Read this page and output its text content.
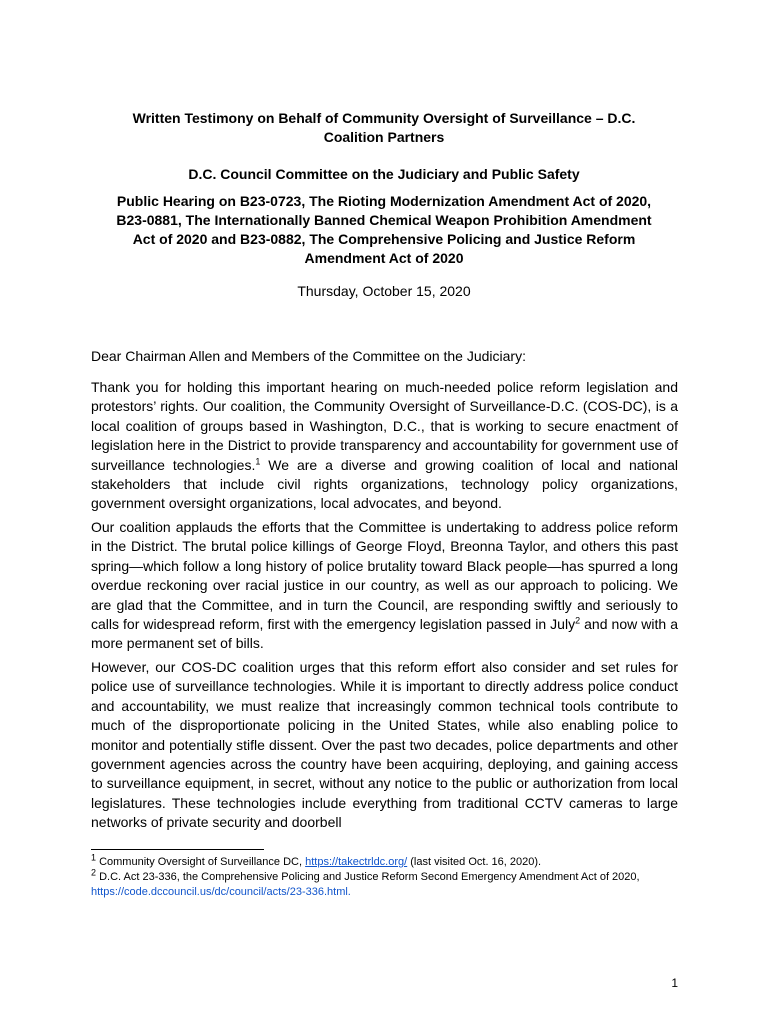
Written Testimony on Behalf of Community Oversight of Surveillance – D.C.
Coalition Partners

D.C. Council Committee on the Judiciary and Public Safety

Public Hearing on B23-0723, The Rioting Modernization Amendment Act of 2020,
B23-0881, The Internationally Banned Chemical Weapon Prohibition Amendment
Act of 2020 and B23-0882, The Comprehensive Policing and Justice Reform
Amendment Act of 2020

Thursday, October 15, 2020

Dear Chairman Allen and Members of the Committee on the Judiciary:

Thank you for holding this important hearing on much-needed police reform legislation and protestors’ rights. Our coalition, the Community Oversight of Surveillance-D.C. (COS-DC), is a local coalition of groups based in Washington, D.C., that is working to secure enactment of legislation here in the District to provide transparency and accountability for government use of surveillance technologies.$^1$ We are a diverse and growing coalition of local and national stakeholders that include civil rights organizations, technology policy organizations, government oversight organizations, local advocates, and beyond.

Our coalition applauds the efforts that the Committee is undertaking to address police reform in the District. The brutal police killings of George Floyd, Breonna Taylor, and others this past spring—which follow a long history of police brutality toward Black people—has spurred a long overdue reckoning over racial justice in our country, as well as our approach to policing. We are glad that the Committee, and in turn the Council, are responding swiftly and seriously to calls for widespread reform, first with the emergency legislation passed in July$^2$ and now with a more permanent set of bills.

However, our COS-DC coalition urges that this reform effort also consider and set rules for police use of surveillance technologies. While it is important to directly address police conduct and accountability, we must realize that increasingly common technical tools contribute to much of the disproportionate policing in the United States, while also enabling police to monitor and potentially stifle dissent. Over the past two decades, police departments and other government agencies across the country have been acquiring, deploying, and gaining access to surveillance equipment, in secret, without any notice to the public or authorization from local legislatures. These technologies include everything from traditional CCTV cameras to large networks of private security and doorbell

$^1$ Community Oversight of Surveillance DC, https://takectrldc.org/ (last visited Oct. 16, 2020).

$^2$ D.C. Act 23-336, the Comprehensive Policing and Justice Reform Second Emergency Amendment Act of 2020, https://code.dccouncil.us/dc/council/acts/23-336.html.

1
